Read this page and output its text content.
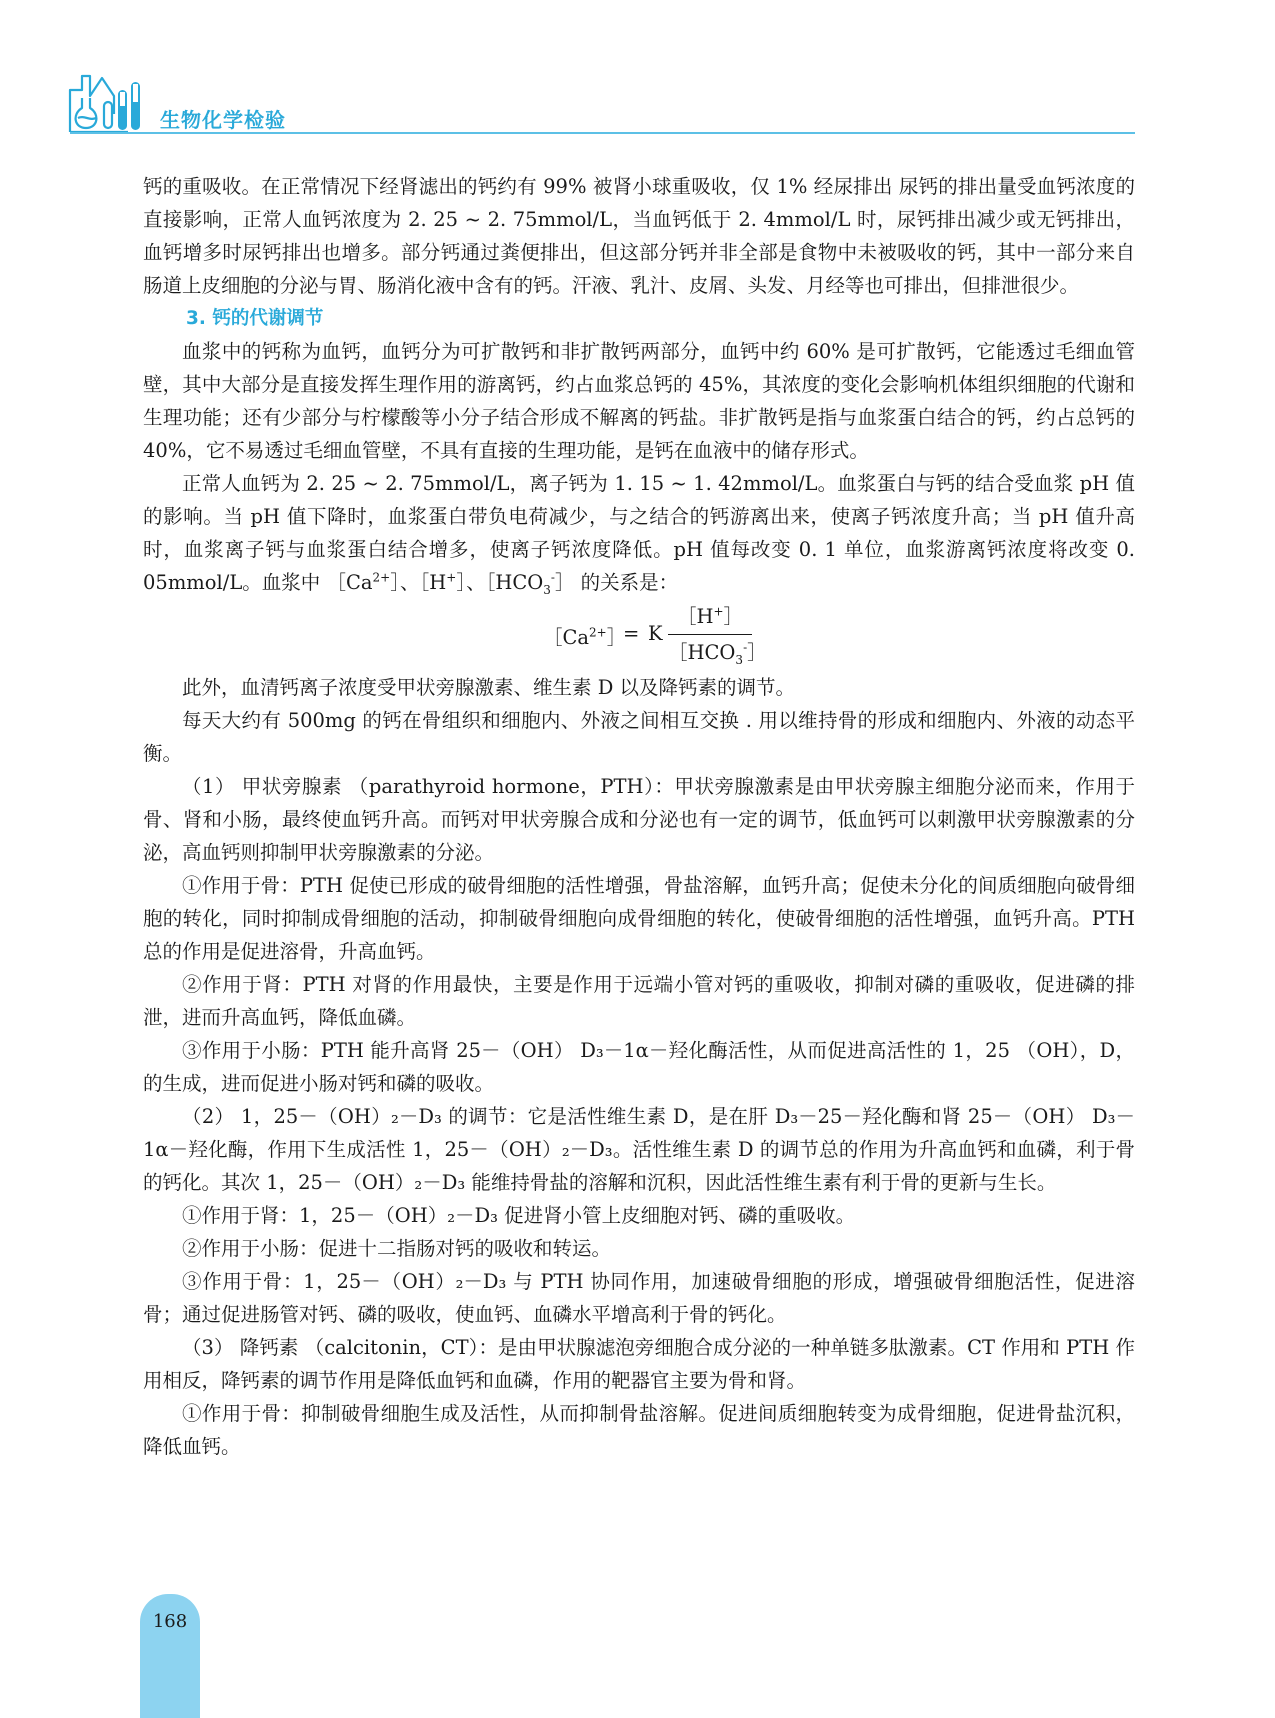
生物化学检验

钙的重吸收。在正常情况下经肾滤出的钙约有 99% 被肾小球重吸收，仅 1% 经尿排出 尿钙的排出量受血钙浓度的直接影响，正常人血钙浓度为 2. 25 ~ 2. 75mmol/L，当血钙低于 2. 4mmol/L 时，尿钙排出减少或无钙排出，血钙增多时尿钙排出也增多。部分钙通过粪便排出，但这部分钙并非全部是食物中未被吸收的钙，其中一部分来自肠道上皮细胞的分泌与胃、肠消化液中含有的钙。汗液、乳汁、皮屑、头发、月经等也可排出，但排泄很少。

3. 钙的代谢调节

血浆中的钙称为血钙，血钙分为可扩散钙和非扩散钙两部分，血钙中约 60% 是可扩散钙，它能透过毛细血管壁，其中大部分是直接发挥生理作用的游离钙，约占血浆总钙的 45%，其浓度的变化会影响机体组织细胞的代谢和生理功能；还有少部分与柠檬酸等小分子结合形成不解离的钙盐。非扩散钙是指与血浆蛋白结合的钙，约占总钙的 40%，它不易透过毛细血管壁，不具有直接的生理功能，是钙在血液中的储存形式。

正常人血钙为 2. 25 ~ 2. 75mmol/L，离子钙为 1. 15 ~ 1. 42mmol/L。血浆蛋白与钙的结合受血浆 pH 值的影响。当 pH 值下降时，血浆蛋白带负电荷减少，与之结合的钙游离出来，使离子钙浓度升高；当 pH 值升高时，血浆离子钙与血浆蛋白结合增多，使离子钙浓度降低。pH 值每改变 0. 1 单位，血浆游离钙浓度将改变 0. 05mmol/L。血浆中 $[Ca^{2+}]$、［H+］、$[HCO_3^-]$ 的关系是：

$[Ca^{2+}]$
= K
［H+］
$[HCO_3^-]$

此外，血清钙离子浓度受甲状旁腺激素、维生素 D 以及降钙素的调节。

每天大约有 500mg 的钙在骨组织和细胞内、外液之间相互交换 . 用以维持骨的形成和细胞内、外液的动态平衡。

（1） 甲状旁腺素 （parathyroid hormone，PTH）：甲状旁腺激素是由甲状旁腺主细胞分泌而来，作用于骨、肾和小肠，最终使血钙升高。而钙对甲状旁腺合成和分泌也有一定的调节，低血钙可以刺激甲状旁腺激素的分泌，高血钙则抑制甲状旁腺激素的分泌。

①作用于骨：PTH 促使已形成的破骨细胞的活性增强，骨盐溶解，血钙升高；促使未分化的间质细胞向破骨细胞的转化，同时抑制成骨细胞的活动，抑制破骨细胞向成骨细胞的转化，使破骨细胞的活性增强，血钙升高。PTH 总的作用是促进溶骨，升高血钙。

②作用于肾：PTH 对肾的作用最快，主要是作用于远端小管对钙的重吸收，抑制对磷的重吸收，促进磷的排泄，进而升高血钙，降低血磷。

③作用于小肠：PTH 能升高肾 25－（OH） D₃－1α－羟化酶活性，从而促进高活性的 1，25 （OH），D，的生成，进而促进小肠对钙和磷的吸收。

（2） 1，25－（OH）₂－D₃ 的调节：它是活性维生素 D，是在肝 D₃－25－羟化酶和肾 25－（OH） D₃－1α－羟化酶，作用下生成活性 1，25－（OH）₂－D₃。活性维生素 D 的调节总的作用为升高血钙和血磷，利于骨的钙化。其次 1，25－（OH）₂－D₃ 能维持骨盐的溶解和沉积，因此活性维生素有利于骨的更新与生长。

①作用于肾：1，25－（OH）₂－D₃ 促进肾小管上皮细胞对钙、磷的重吸收。

②作用于小肠：促进十二指肠对钙的吸收和转运。

③作用于骨：1，25－（OH）₂－D₃ 与 PTH 协同作用，加速破骨细胞的形成，增强破骨细胞活性，促进溶骨；通过促进肠管对钙、磷的吸收，使血钙、血磷水平增高利于骨的钙化。

（3） 降钙素 （calcitonin，CT）：是由甲状腺滤泡旁细胞合成分泌的一种单链多肽激素。CT 作用和 PTH 作用相反，降钙素的调节作用是降低血钙和血磷，作用的靶器官主要为骨和肾。

①作用于骨：抑制破骨细胞生成及活性，从而抑制骨盐溶解。促进间质细胞转变为成骨细胞，促进骨盐沉积，降低血钙。

168
